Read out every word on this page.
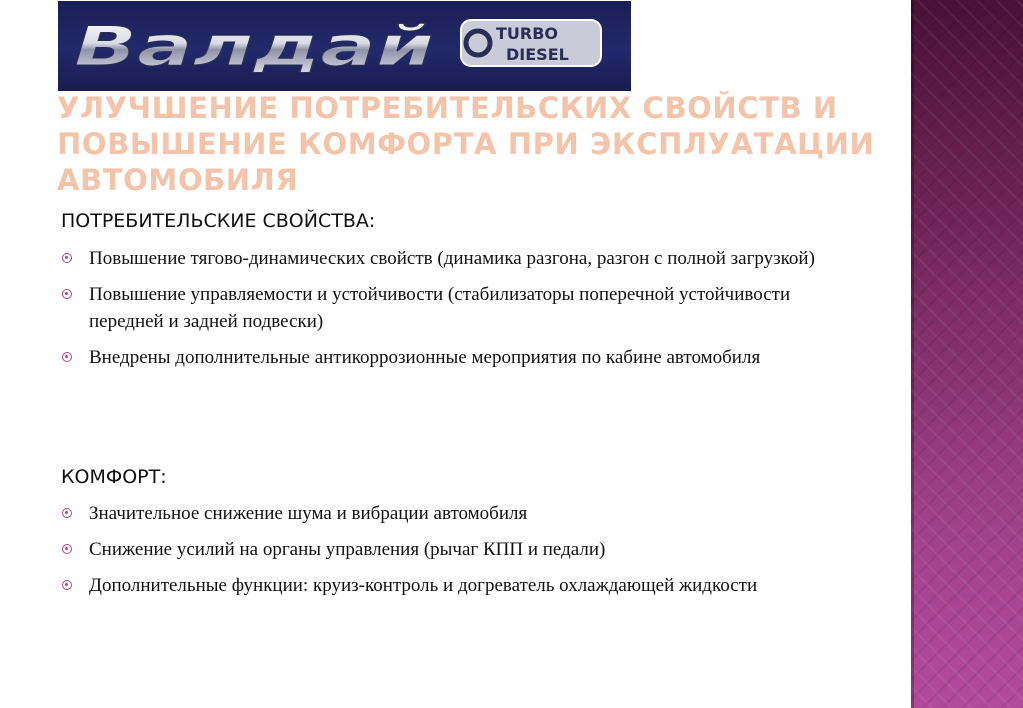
Валдай	TURBO
DIESEL
УЛУЧШЕНИЕ ПОТРЕБИТЕЛЬСКИХ СВОЙСТВ И ПОВЫШЕНИЕ КОМФОРТА ПРИ ЭКСПЛУАТАЦИИ АВТОМОБИЛЯ
ПОТРЕБИТЕЛЬСКИЕ СВОЙСТВА:
Повышение тягово-динамических свойств (динамика разгона, разгон с полной загрузкой)
Повышение управляемости и устойчивости (стабилизаторы поперечной устойчивости передней и задней подвески)
Внедрены дополнительные антикоррозионные мероприятия по кабине автомобиля
КОМФОРТ:
Значительное снижение шума и вибрации автомобиля
Снижение усилий на органы управления (рычаг КПП и педали)
Дополнительные функции: круиз-контроль и догреватель охлаждающей жидкости
